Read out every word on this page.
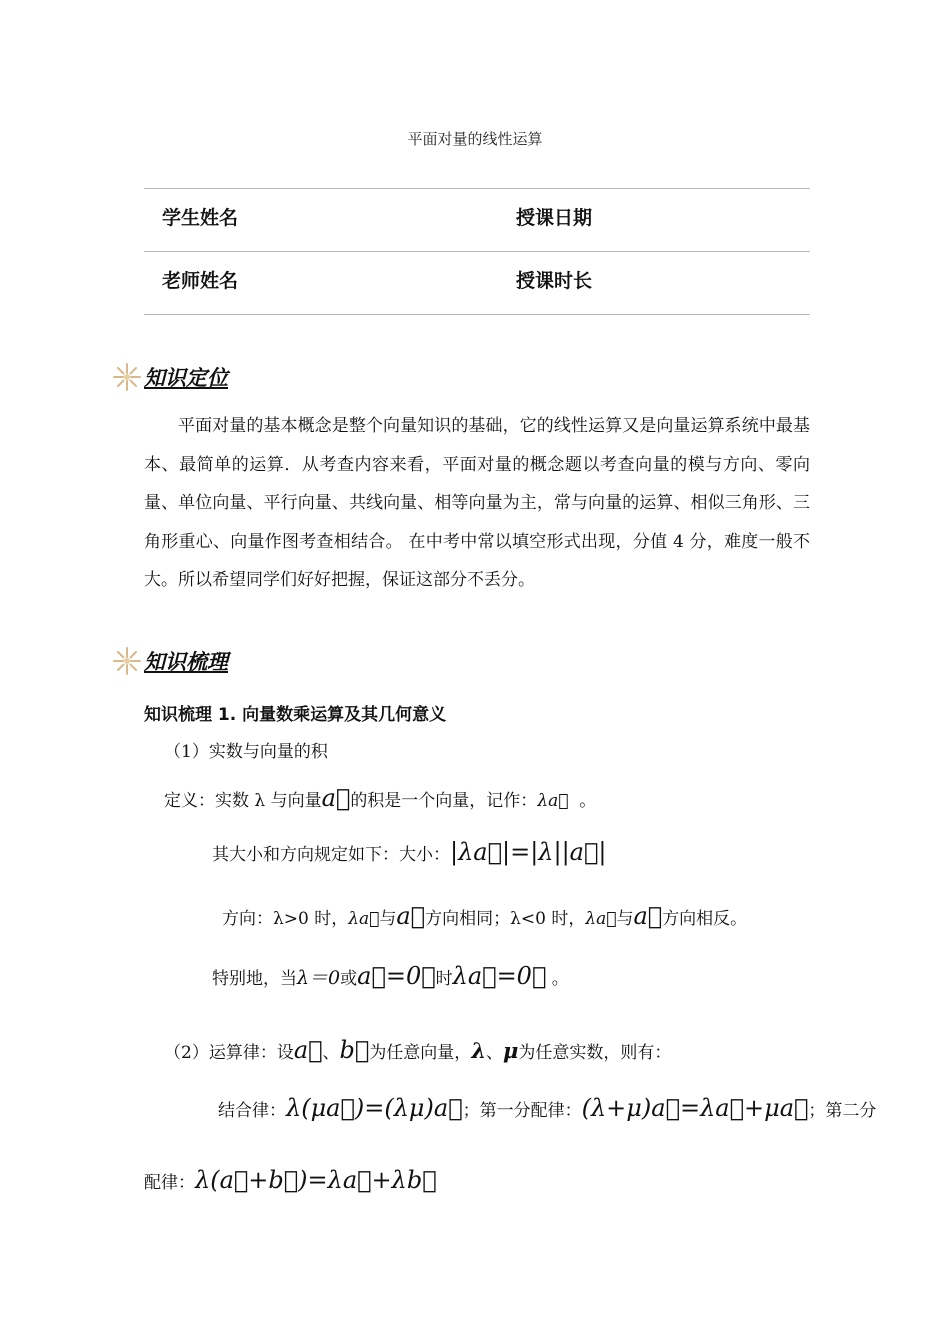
平面对量的线性运算
学生姓名	授课日期
老师姓名	授课时长
知识定位
平面对量的基本概念是整个向量知识的基础，它的线性运算又是向量运算系统中最基本、最简单的运算．从考查内容来看，平面对量的概念题以考查向量的模与方向、零向量、单位向量、平行向量、共线向量、相等向量为主，常与向量的运算、相似三角形、三角形重心、向量作图考查相结合。 在中考中常以填空形式出现，分值 4 分，难度一般不大。所以希望同学们好好把握，保证这部分不丢分。
知识梳理
知识梳理 1. 向量数乘运算及其几何意义
（1）实数与向量的积
定义：实数 λ 与向量a⃗的积是一个向量，记作：λa⃗ 。
其大小和方向规定如下：大小：|λa⃗|=|λ||a⃗|
方向：λ>0 时，λa⃗与a⃗方向相同；λ<0 时，λa⃗与a⃗方向相反。
特别地，当λ＝0或a⃗=0⃗时λa⃗=0⃗ 。
（2）运算律：设a⃗、b⃗为任意向量，λ、μ为任意实数，则有：
结合律：λ(μa⃗)=(λμ)a⃗；第一分配律：(λ+μ)a⃗=λa⃗+μa⃗；第二分
配律：λ(a⃗+b⃗)=λa⃗+λb⃗
